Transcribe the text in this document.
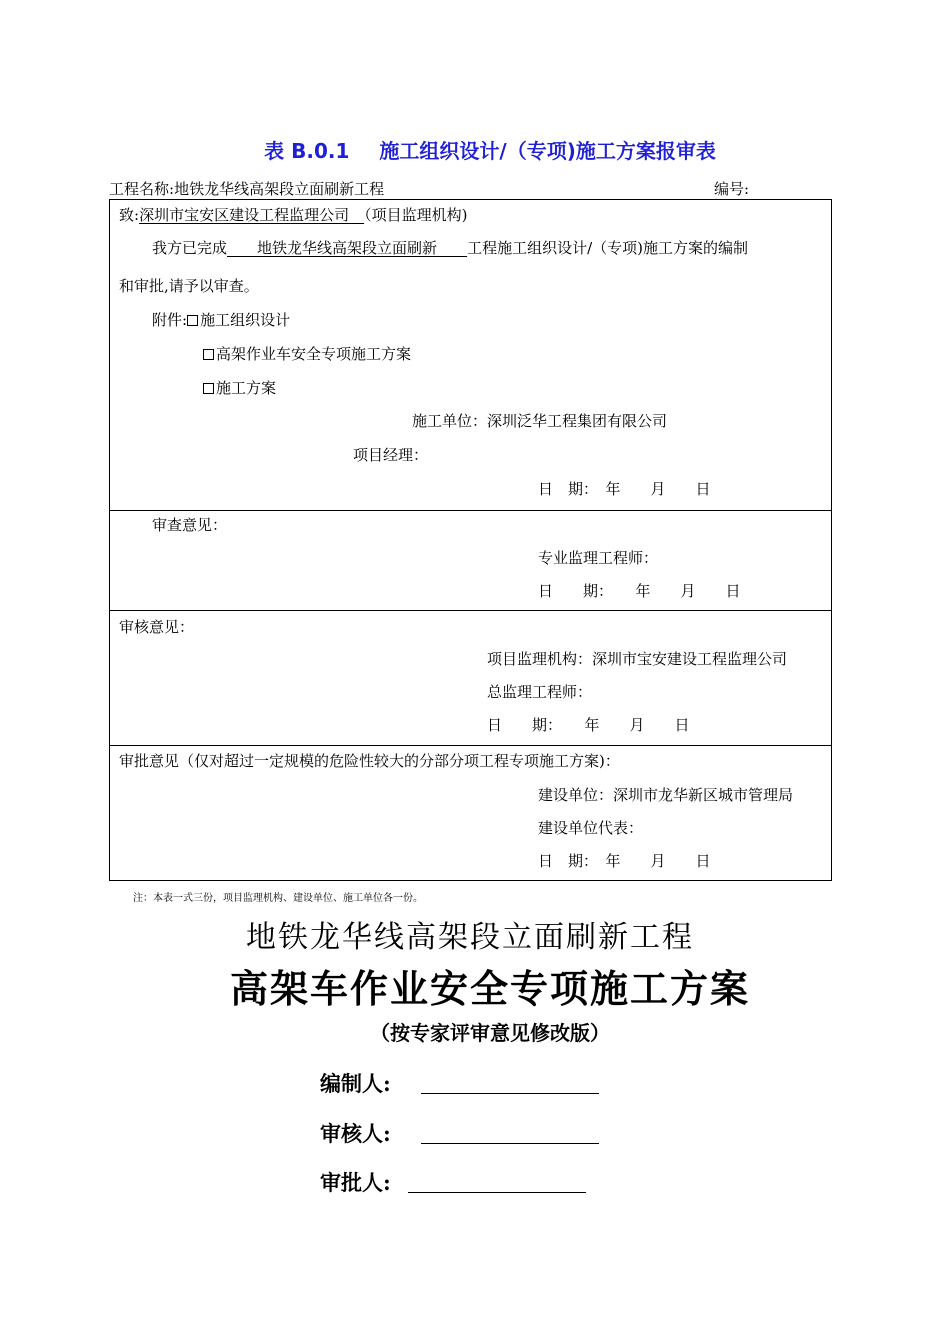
表 B.0.1 施工组织设计/（专项)施工方案报审表
工程名称:地铁龙华线高架段立面刷新工程	编号:
致:深圳市宝安区建设工程监理公司　 （项目监理机构)
我方已完成　　 地铁龙华线高架段立面刷新　　 工程施工组织设计/（专项)施工方案的编制
和审批,请予以审查。
附件: 施工组织设计
高架作业车安全专项施工方案
施工方案
施工单位：深圳泛华工程集团有限公司
项目经理：
日　期：　年　　月　　日
审查意见：
专业监理工程师：
日　　期：　　年　　月　　日
审核意见：
项目监理机构：深圳市宝安建设工程监理公司
总监理工程师：
日　　期：　　年　　月　　日
审批意见（仅对超过一定规模的危险性较大的分部分项工程专项施工方案)：
建设单位：深圳市龙华新区城市管理局
建设单位代表：
日　期：　年　　月　　日
注：本表一式三份，项目监理机构、建设单位、施工单位各一份。
地铁龙华线高架段立面刷新工程
高架车作业安全专项施工方案
（按专家评审意见修改版）
编制人:
审核人:
审批人:
